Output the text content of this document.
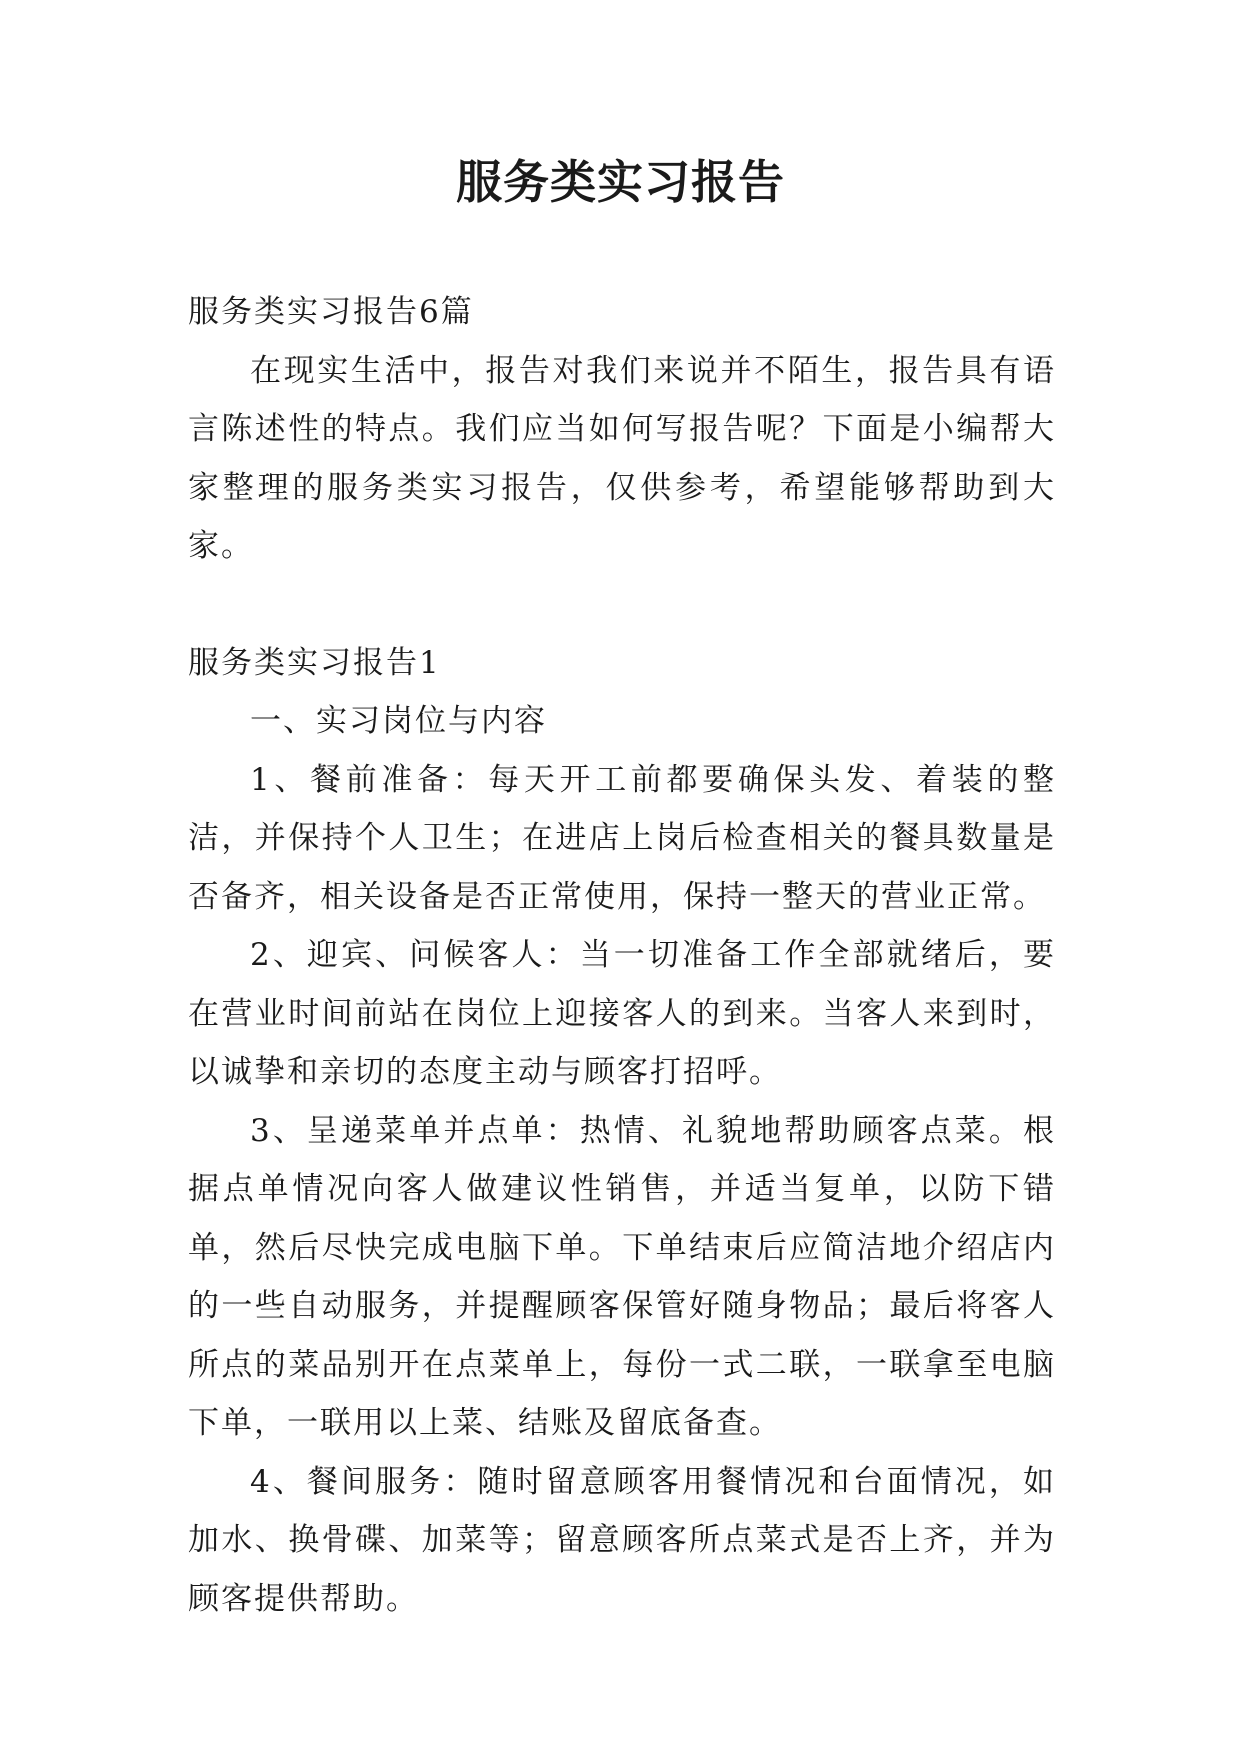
服务类实习报告

服务类实习报告6篇

在现实生活中，报告对我们来说并不陌生，报告具有语言陈述性的特点。我们应当如何写报告呢？下面是小编帮大家整理的服务类实习报告，仅供参考，希望能够帮助到大家。

服务类实习报告1

一、实习岗位与内容

1、餐前准备：每天开工前都要确保头发、着装的整洁，并保持个人卫生；在进店上岗后检查相关的餐具数量是否备齐，相关设备是否正常使用，保持一整天的营业正常。

2、迎宾、问候客人：当一切准备工作全部就绪后，要在营业时间前站在岗位上迎接客人的到来。当客人来到时，以诚挚和亲切的态度主动与顾客打招呼。

3、呈递菜单并点单：热情、礼貌地帮助顾客点菜。根据点单情况向客人做建议性销售，并适当复单，以防下错单，然后尽快完成电脑下单。下单结束后应简洁地介绍店内的一些自动服务，并提醒顾客保管好随身物品；最后将客人所点的菜品别开在点菜单上，每份一式二联，一联拿至电脑下单，一联用以上菜、结账及留底备查。

4、餐间服务：随时留意顾客用餐情况和台面情况，如加水、换骨碟、加菜等；留意顾客所点菜式是否上齐，并为顾客提供帮助。
